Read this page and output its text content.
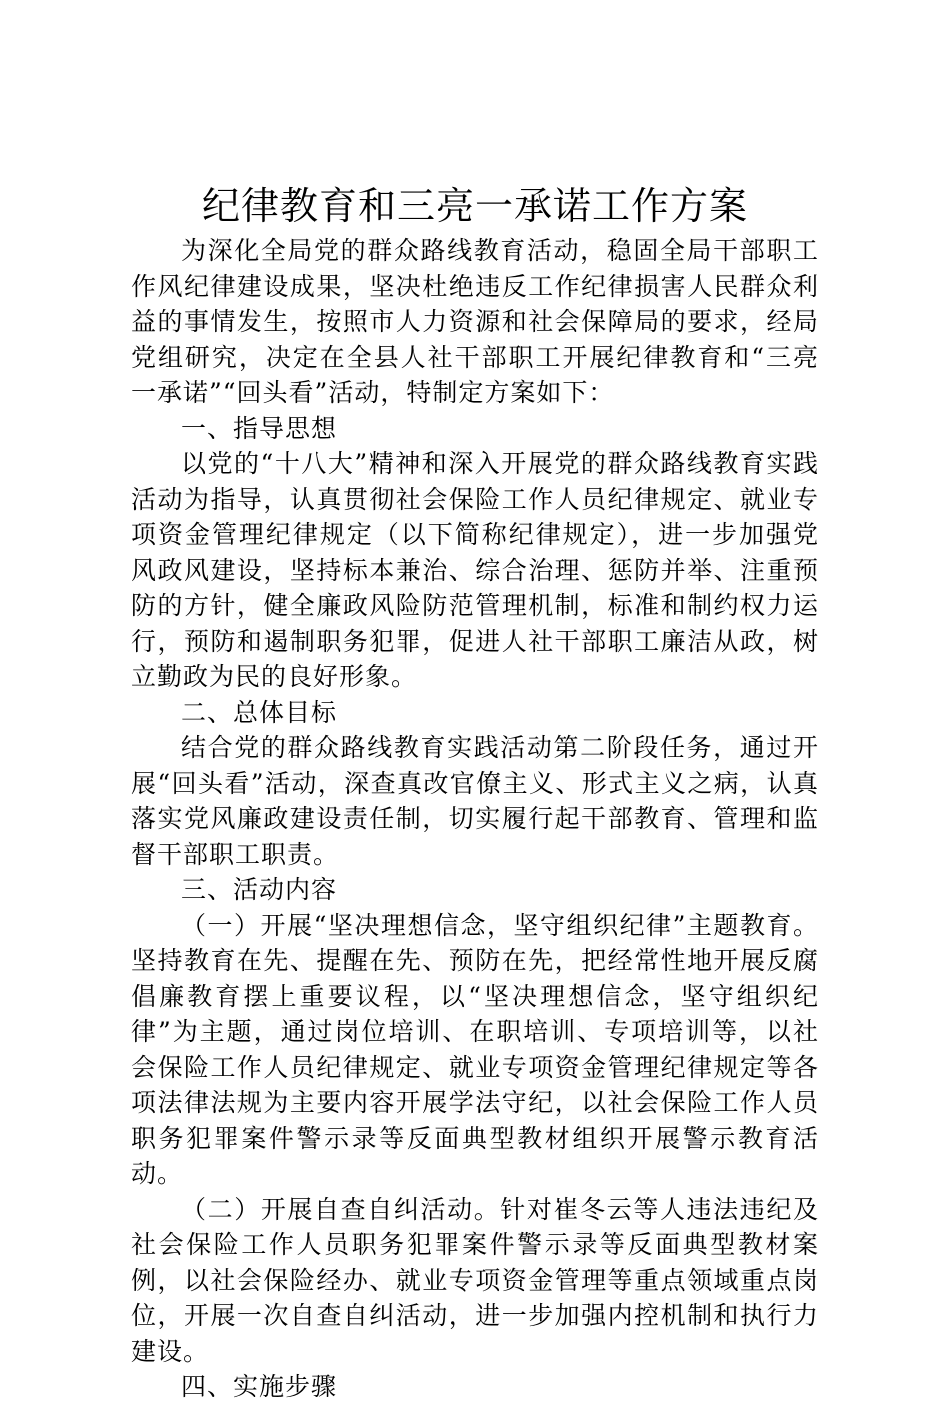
纪律教育和三亮一承诺工作方案

为深化全局党的群众路线教育活动，稳固全局干部职工作风纪律建设成果，坚决杜绝违反工作纪律损害人民群众利益的事情发生，按照市人力资源和社会保障局的要求，经局党组研究，决定在全县人社干部职工开展纪律教育和“三亮一承诺”“回头看”活动，特制定方案如下：

一、指导思想

以党的“十八大”精神和深入开展党的群众路线教育实践活动为指导，认真贯彻社会保险工作人员纪律规定、就业专项资金管理纪律规定（以下简称纪律规定），进一步加强党风政风建设，坚持标本兼治、综合治理、惩防并举、注重预防的方针，健全廉政风险防范管理机制，标准和制约权力运行，预防和遏制职务犯罪，促进人社干部职工廉洁从政，树立勤政为民的良好形象。

二、总体目标

结合党的群众路线教育实践活动第二阶段任务，通过开展“回头看”活动，深查真改官僚主义、形式主义之病，认真落实党风廉政建设责任制，切实履行起干部教育、管理和监督干部职工职责。

三、活动内容

（一）开展“坚决理想信念，坚守组织纪律”主题教育。坚持教育在先、提醒在先、预防在先，把经常性地开展反腐倡廉教育摆上重要议程，以“坚决理想信念，坚守组织纪律”为主题，通过岗位培训、在职培训、专项培训等，以社会保险工作人员纪律规定、就业专项资金管理纪律规定等各项法律法规为主要内容开展学法守纪，以社会保险工作人员职务犯罪案件警示录等反面典型教材组织开展警示教育活动。

（二）开展自查自纠活动。针对崔冬云等人违法违纪及社会保险工作人员职务犯罪案件警示录等反面典型教材案例，以社会保险经办、就业专项资金管理等重点领域重点岗位，开展一次自查自纠活动，进一步加强内控机制和执行力建设。

四、实施步骤
